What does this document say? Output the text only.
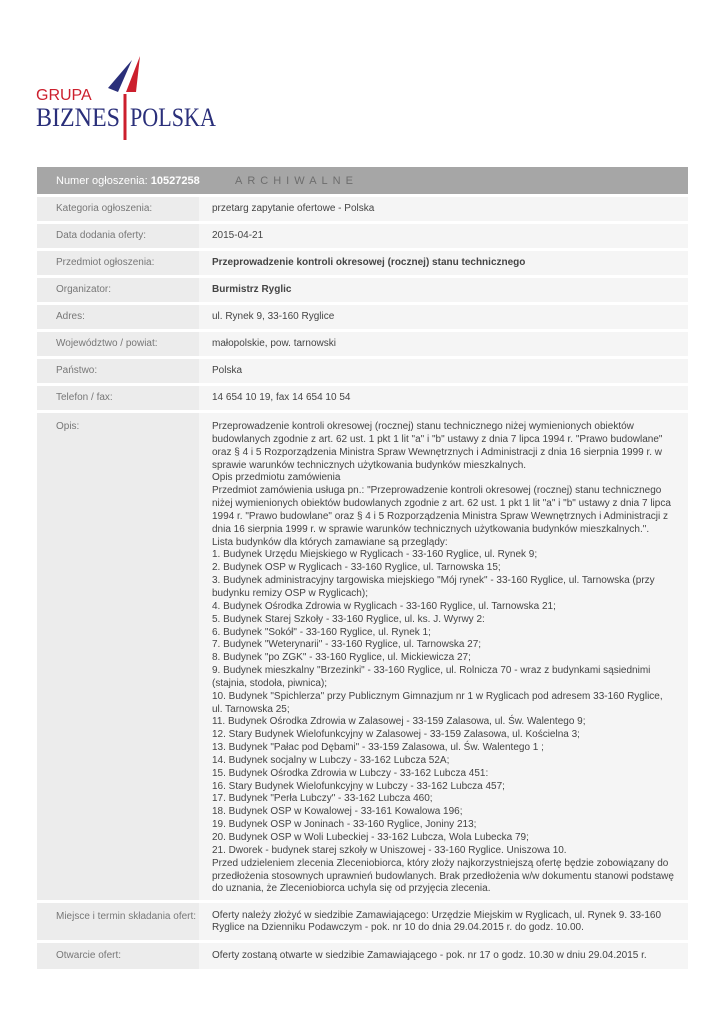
GRUPA
BIZNES POLSKA
Numer ogłoszenia: 10527258	ARCHIWALNE
Kategoria ogłoszenia:	przetarg zapytanie ofertowe - Polska
Data dodania oferty:	2015-04-21
Przedmiot ogłoszenia:	Przeprowadzenie kontroli okresowej (rocznej) stanu technicznego
Organizator:	Burmistrz Ryglic
Adres:	ul. Rynek 9, 33-160 Ryglice
Województwo / powiat:	małopolskie, pow. tarnowski
Państwo:	Polska
Telefon / fax:	14 654 10 19, fax 14 654 10 54
Opis:	Przeprowadzenie kontroli okresowej (rocznej) stanu technicznego niżej wymienionych obiektów budowlanych zgodnie z art. 62 ust. 1 pkt 1 lit "a" i "b" ustawy z dnia 7 lipca 1994 r. "Prawo budowlane" oraz § 4 i 5 Rozporządzenia Ministra Spraw Wewnętrznych i Administracji z dnia 16 sierpnia 1999 r. w sprawie warunków technicznych użytkowania budynków mieszkalnych.

Opis przedmiotu zamówienia

Przedmiot zamówienia usługa pn.: "Przeprowadzenie kontroli okresowej (rocznej) stanu technicznego niżej wymienionych obiektów budowlanych zgodnie z art. 62 ust. 1 pkt 1 lit "a" i "b" ustawy z dnia 7 lipca 1994 r. "Prawo budowlane" oraz § 4 i 5 Rozporządzenia Ministra Spraw Wewnętrznych i Administracji z dnia 16 sierpnia 1999 r. w sprawie warunków technicznych użytkowania budynków mieszkalnych.".

Lista budynków dla których zamawiane są przeglądy:

1. Budynek Urzędu Miejskiego w Ryglicach - 33-160 Ryglice, ul. Rynek 9;

2. Budynek OSP w Ryglicach - 33-160 Ryglice, ul. Tarnowska 15;

3. Budynek administracyjny targowiska miejskiego "Mój rynek" - 33-160 Ryglice, ul. Tarnowska (przy budynku remizy OSP w Ryglicach);

4. Budynek Ośrodka Zdrowia w Ryglicach - 33-160 Ryglice, ul. Tarnowska 21;

5. Budynek Starej Szkoły - 33-160 Ryglice, ul. ks. J. Wyrwy 2:

6. Budynek "Sokół" - 33-160 Ryglice, ul. Rynek 1;

7. Budynek "Weterynarii" - 33-160 Ryglice, ul. Tarnowska 27;

8. Budynek "po ZGK" - 33-160 Ryglice, ul. Mickiewicza 27;

9. Budynek mieszkalny "Brzezinki" - 33-160 Ryglice, ul. Rolnicza 70 - wraz z budynkami sąsiednimi (stajnia, stodoła, piwnica);

10. Budynek "Spichlerza" przy Publicznym Gimnazjum nr 1 w Ryglicach pod adresem 33-160 Ryglice, ul. Tarnowska 25;

11. Budynek Ośrodka Zdrowia w Zalasowej - 33-159 Zalasowa, ul. Św. Walentego 9;

12. Stary Budynek Wielofunkcyjny w Zalasowej - 33-159 Zalasowa, ul. Kościelna 3;

13. Budynek "Pałac pod Dębami" - 33-159 Zalasowa, ul. Św. Walentego 1 ;

14. Budynek socjalny w Lubczy - 33-162 Lubcza 52A;

15. Budynek Ośrodka Zdrowia w Lubczy - 33-162 Lubcza 451:

16. Stary Budynek Wielofunkcyjny w Lubczy - 33-162 Lubcza 457;

17. Budynek "Perła Lubczy" - 33-162 Lubcza 460;

18. Budynek OSP w Kowalowej - 33-161 Kowalowa 196;

19. Budynek OSP w Joninach - 33-160 Ryglice, Joniny 213;

20. Budynek OSP w Woli Lubeckiej - 33-162 Lubcza, Wola Lubecka 79;

21. Dworek - budynek starej szkoły w Uniszowej - 33-160 Ryglice. Uniszowa 10.

Przed udzieleniem zlecenia Zleceniobiorca, który złoży najkorzystniejszą ofertę będzie zobowiązany do przedłożenia stosownych uprawnień budowlanych. Brak przedłożenia w/w dokumentu stanowi podstawę do uznania, że Zleceniobiorca uchyla się od przyjęcia zlecenia.

Miejsce i termin składania ofert:	Oferty należy złożyć w siedzibie Zamawiającego: Urzędzie Miejskim w Ryglicach, ul. Rynek 9. 33-160 Ryglice na Dzienniku Podawczym - pok. nr 10 do dnia 29.04.2015 r. do godz. 10.00.
Otwarcie ofert:	Oferty zostaną otwarte w siedzibie Zamawiającego - pok. nr 17 o godz. 10.30 w dniu 29.04.2015 r.
